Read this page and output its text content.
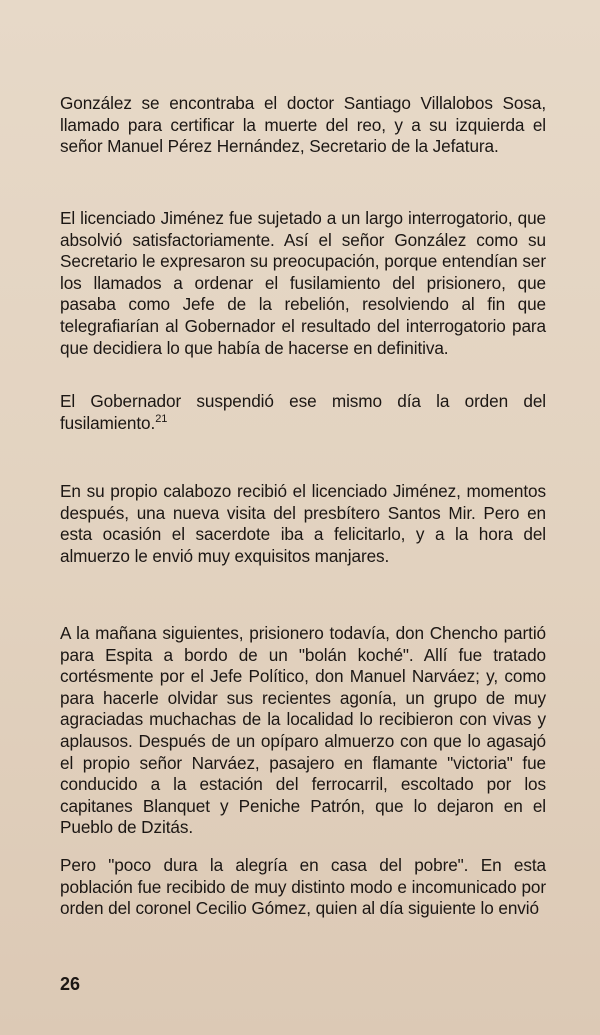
González se encontraba el doctor Santiago Villalobos Sosa, llamado para certificar la muerte del reo, y a su izquierda el señor Manuel Pérez Hernández, Secretario de la Jefatura.

El licenciado Jiménez fue sujetado a un largo interrogatorio, que absolvió satisfactoriamente. Así el señor González como su Secretario le expresaron su preocupación, porque entendían ser los llamados a ordenar el fusilamiento del prisionero, que pasaba como Jefe de la rebelión, resolviendo al fin que telegrafiarían al Gobernador el resultado del interrogatorio para que decidiera lo que había de hacerse en definitiva.

El Gobernador suspendió ese mismo día la orden del fusilamiento.$^{21}$

En su propio calabozo recibió el licenciado Jiménez, momentos después, una nueva visita del presbítero Santos Mir. Pero en esta ocasión el sacerdote iba a felicitarlo, y a la hora del almuerzo le envió muy exquisitos manjares.

A la mañana siguientes, prisionero todavía, don Chencho partió para Espita a bordo de un "bolán koché". Allí fue tratado cortésmente por el Jefe Político, don Manuel Narváez; y, como para hacerle olvidar sus recientes agonía, un grupo de muy agraciadas muchachas de la localidad lo recibieron con vivas y aplausos. Después de un opíparo almuerzo con que lo agasajó el propio señor Narváez, pasajero en flamante "victoria" fue conducido a la estación del ferrocarril, escoltado por los capitanes Blanquet y Peniche Patrón, que lo dejaron en el Pueblo de Dzitás.

Pero "poco dura la alegría en casa del pobre". En esta población fue recibido de muy distinto modo e incomunicado por orden del coronel Cecilio Gómez, quien al día siguiente lo envió

26
